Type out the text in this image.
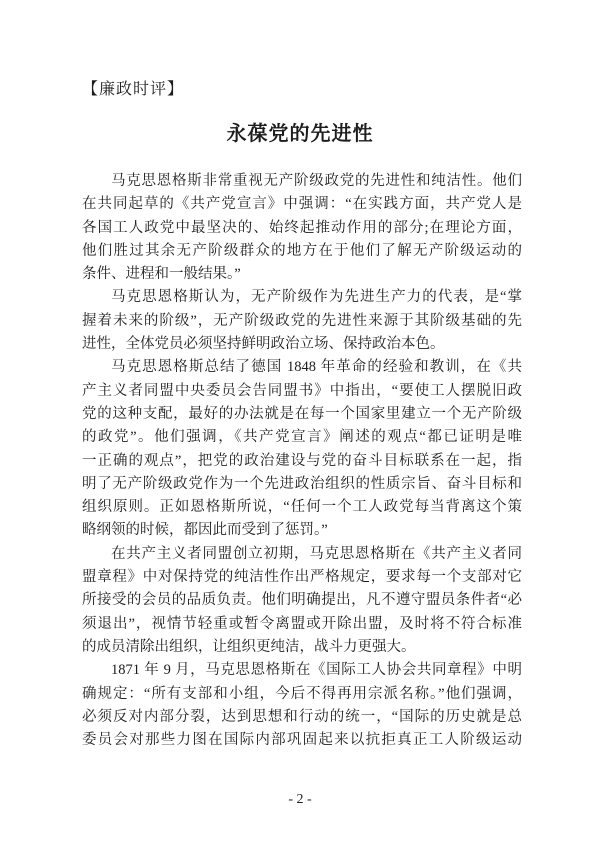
【廉政时评】
永葆党的先进性

马克思恩格斯非常重视无产阶级政党的先进性和纯洁性。他们
在共同起草的《共产党宣言》中强调：“在实践方面，共产党人是
各国工人政党中最坚决的、始终起推动作用的部分;在理论方面，
他们胜过其余无产阶级群众的地方在于他们了解无产阶级运动的
条件、进程和一般结果。”

马克思恩格斯认为，无产阶级作为先进生产力的代表，是“掌
握着未来的阶级”，无产阶级政党的先进性来源于其阶级基础的先
进性，全体党员必须坚持鲜明政治立场、保持政治本色。

马克思恩格斯总结了德国 1848 年革命的经验和教训，在《共
产主义者同盟中央委员会告同盟书》中指出，“要使工人摆脱旧政
党的这种支配，最好的办法就是在每一个国家里建立一个无产阶级
的政党”。他们强调，《共产党宣言》阐述的观点“都已证明是唯
一正确的观点”，把党的政治建设与党的奋斗目标联系在一起，指
明了无产阶级政党作为一个先进政治组织的性质宗旨、奋斗目标和
组织原则。正如恩格斯所说，“任何一个工人政党每当背离这个策
略纲领的时候，都因此而受到了惩罚。”

在共产主义者同盟创立初期，马克思恩格斯在《共产主义者同
盟章程》中对保持党的纯洁性作出严格规定，要求每一个支部对它
所接受的会员的品质负责。他们明确提出，凡不遵守盟员条件者“必
须退出”，视情节轻重或暂令离盟或开除出盟，及时将不符合标准
的成员清除出组织，让组织更纯洁，战斗力更强大。

1871 年 9 月，马克思恩格斯在《国际工人协会共同章程》中明
确规定：“所有支部和小组，今后不得再用宗派名称。”他们强调，
必须反对内部分裂，达到思想和行动的统一，“国际的历史就是总
委员会对那些力图在国际内部巩固起来以抗拒真正工人阶级运动

- 2 -
